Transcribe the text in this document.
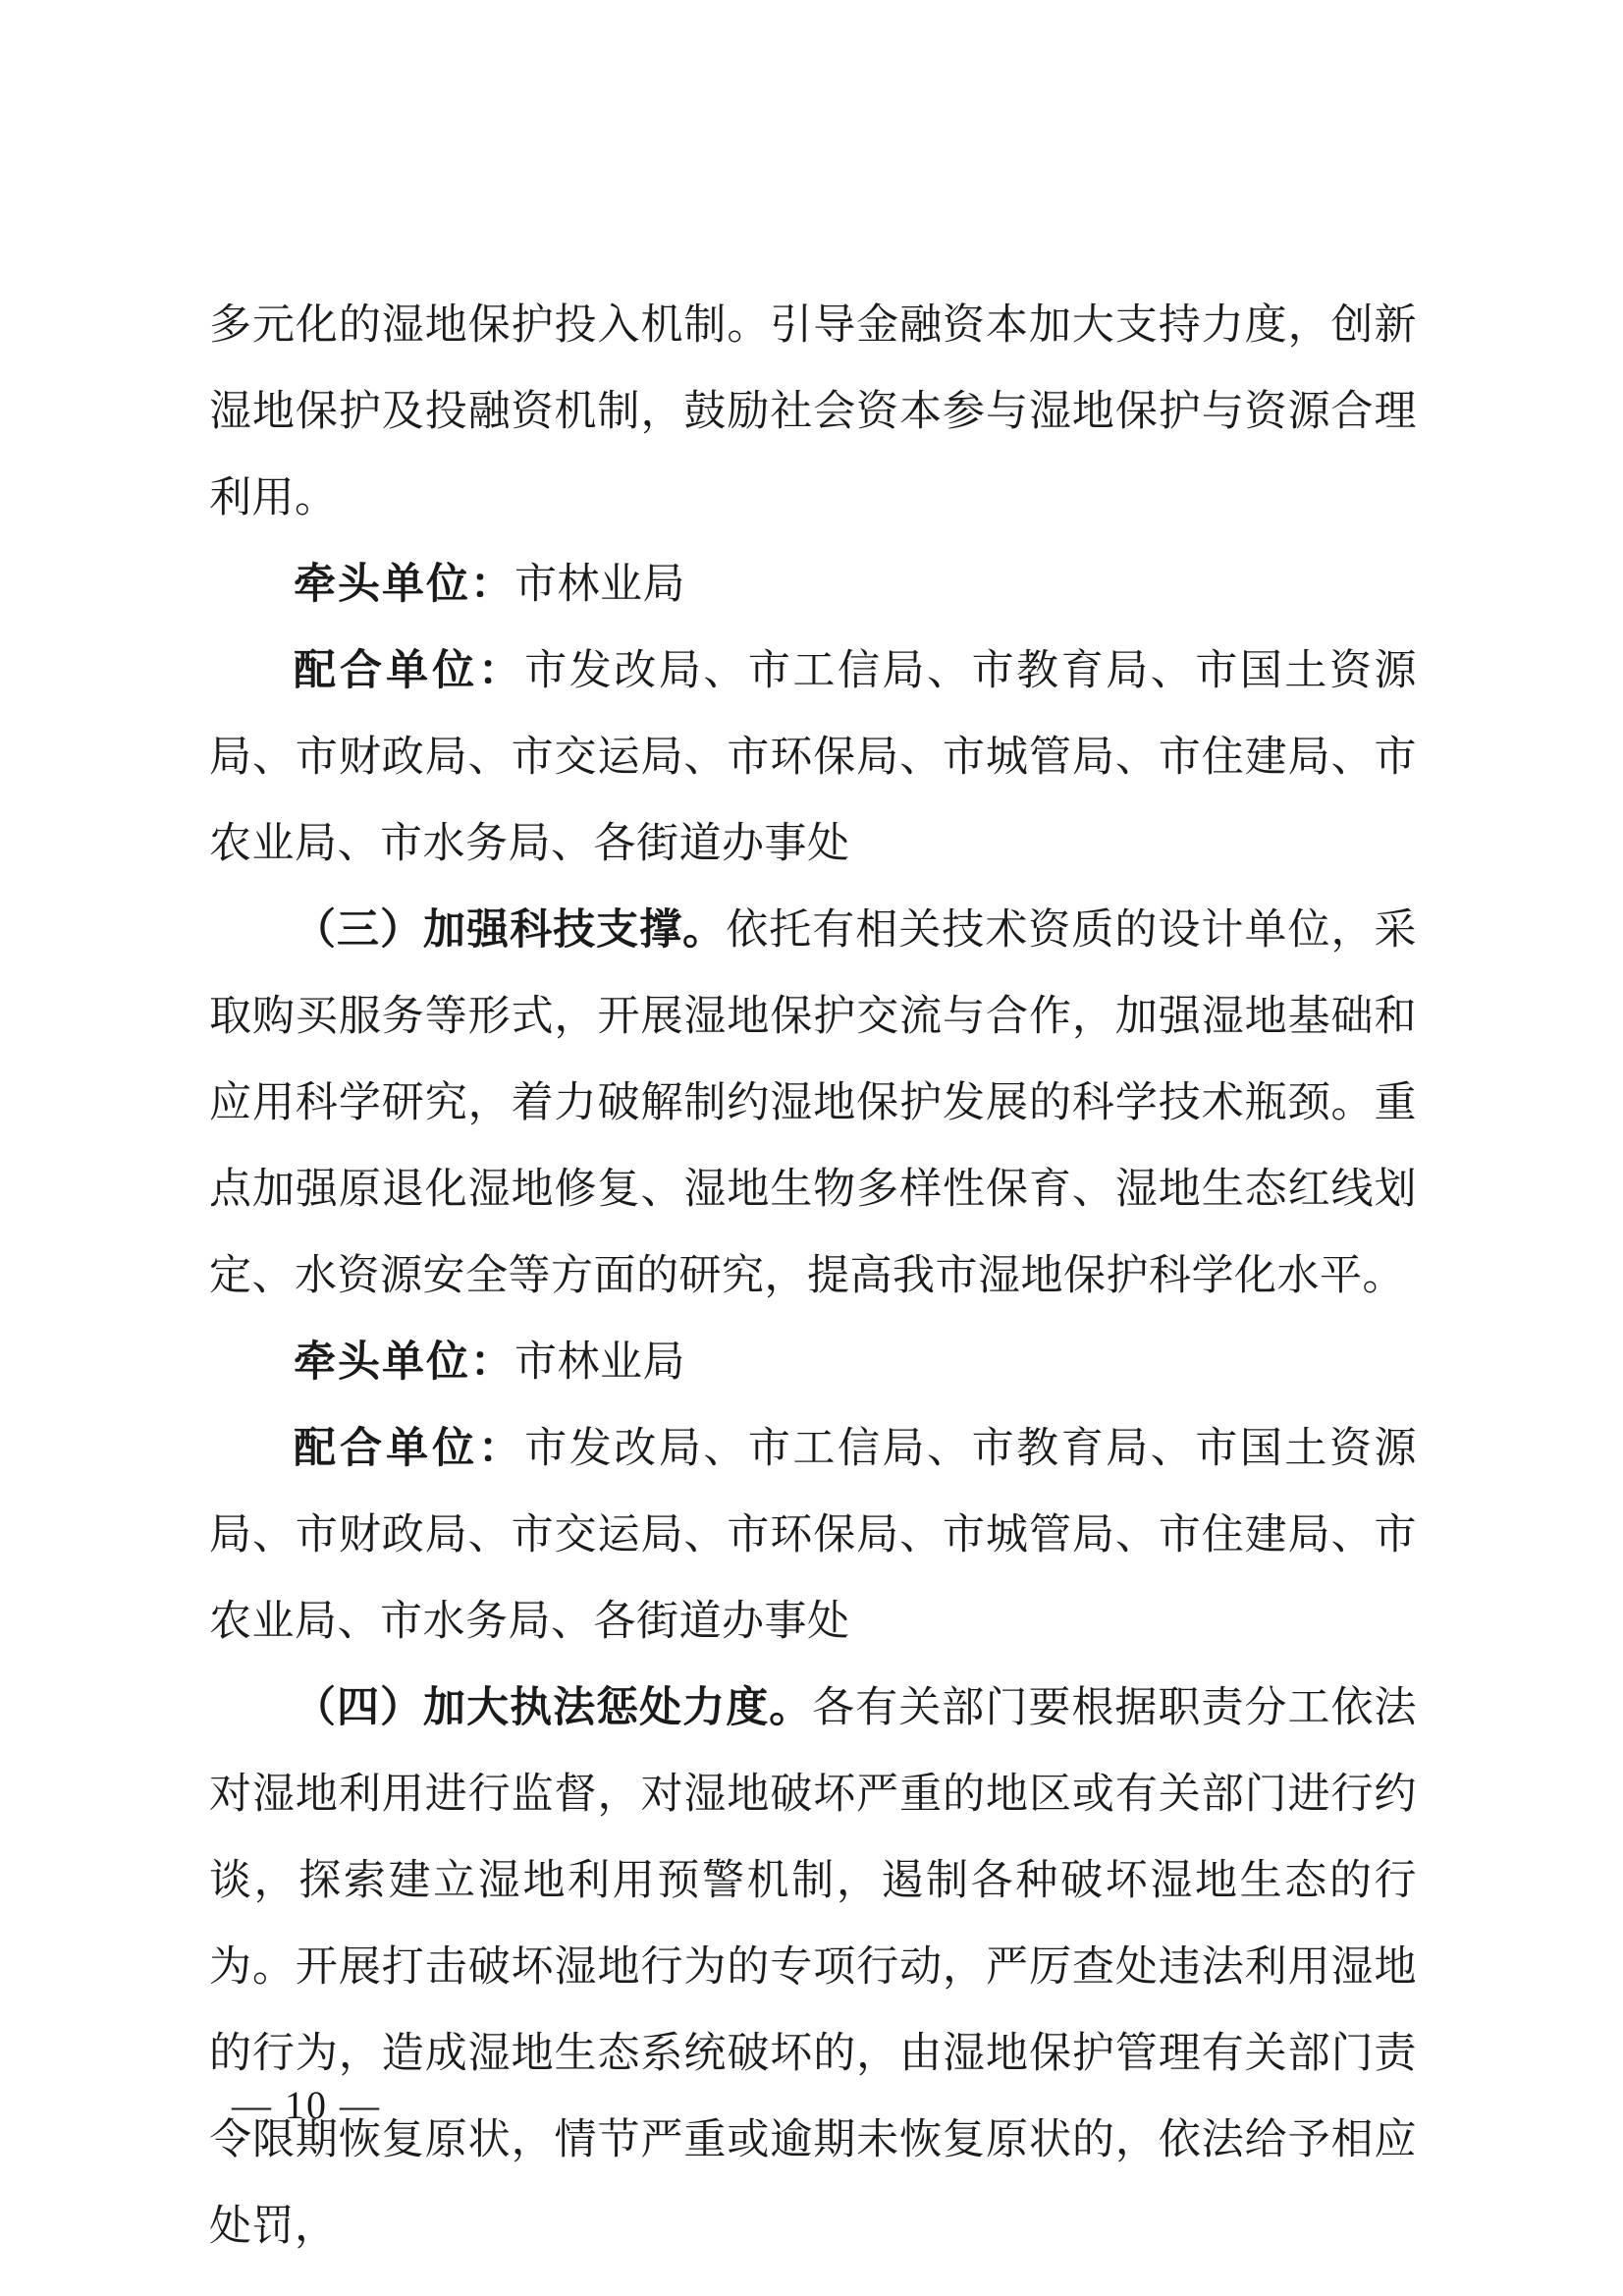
多元化的湿地保护投入机制。引导金融资本加大支持力度，创新湿地保护及投融资机制，鼓励社会资本参与湿地保护与资源合理利用。

牵头单位：市林业局

配合单位：市发改局、市工信局、市教育局、市国土资源局、市财政局、市交运局、市环保局、市城管局、市住建局、市农业局、市水务局、各街道办事处

（三）加强科技支撑。依托有相关技术资质的设计单位，采取购买服务等形式，开展湿地保护交流与合作，加强湿地基础和应用科学研究，着力破解制约湿地保护发展的科学技术瓶颈。重点加强原退化湿地修复、湿地生物多样性保育、湿地生态红线划定、水资源安全等方面的研究，提高我市湿地保护科学化水平。

牵头单位：市林业局

配合单位：市发改局、市工信局、市教育局、市国土资源局、市财政局、市交运局、市环保局、市城管局、市住建局、市农业局、市水务局、各街道办事处

（四）加大执法惩处力度。各有关部门要根据职责分工依法对湿地利用进行监督，对湿地破坏严重的地区或有关部门进行约谈，探索建立湿地利用预警机制，遏制各种破坏湿地生态的行为。开展打击破坏湿地行为的专项行动，严厉查处违法利用湿地的行为，造成湿地生态系统破坏的，由湿地保护管理有关部门责令限期恢复原状，情节严重或逾期未恢复原状的，依法给予相应处罚，

— 10 —
